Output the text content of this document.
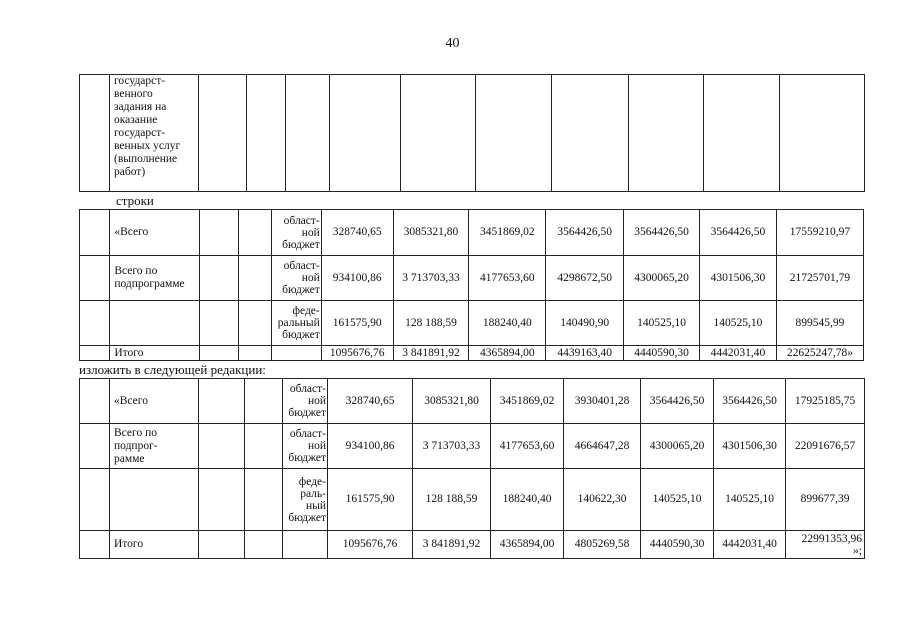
40
	государст-
венного
задания на
оказание
государст-
венных услуг
(выполнение
работ)										
строки
	«Всего			област-
ной
бюджет	328740,65	3085321,80	3451869,02	3564426,50	3564426,50	3564426,50	17559210,97
	Всего по
подпрограмме			област-
ной
бюджет	934100,86	3 713703,33	4177653,60	4298672,50	4300065,20	4301506,30	21725701,79
				феде-
ральный
бюджет	161575,90	128 188,59	188240,40	140490,90	140525,10	140525,10	899545,99
	Итого				1095676,76	3 841891,92	4365894,00	4439163,40	4440590,30	4442031,40	22625247,78»
изложить в следующей редакции:
	«Всего			област-
ной
бюджет	328740,65	3085321,80	3451869,02	3930401,28	3564426,50	3564426,50	17925185,75
	Всего по
подпрог-
рамме			област-
ной
бюджет	934100,86	3 713703,33	4177653,60	4664647,28	4300065,20	4301506,30	22091676,57
				феде-
раль-
ный
бюджет	161575,90	128 188,59	188240,40	140622,30	140525,10	140525,10	899677,39
	Итого				1095676,76	3 841891,92	4365894,00	4805269,58	4440590,30	4442031,40	22991353,96
»;
